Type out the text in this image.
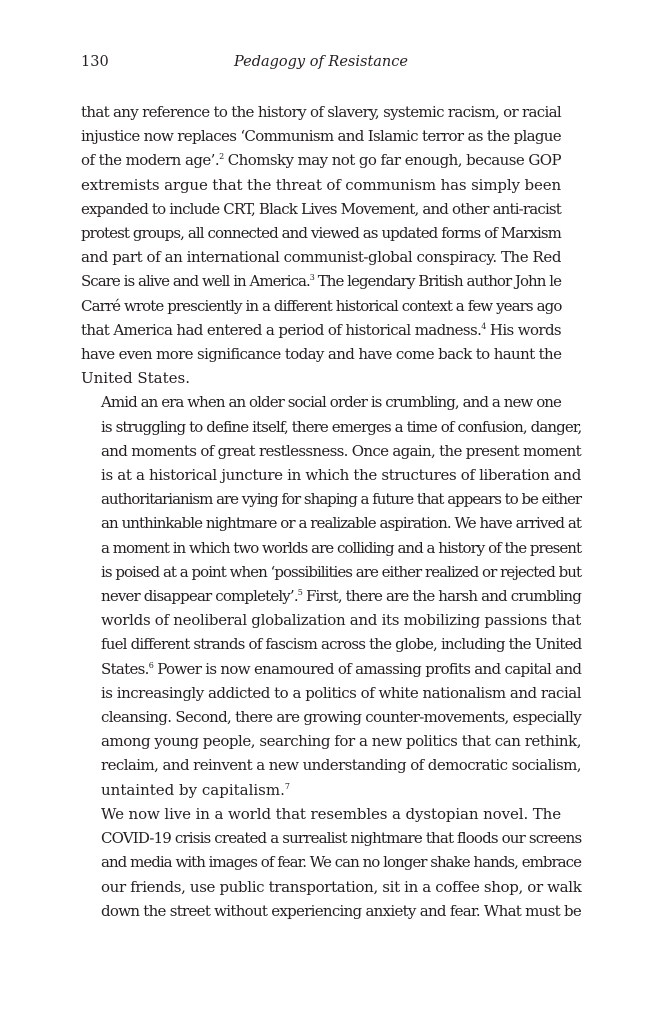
130	Pedagogy of Resistance

that any reference to the history of slavery, systemic racism, or racial
injustice now replaces ‘Communism and Islamic terror as the plague
of the modern age’.$^2$ Chomsky may not go far enough, because GOP
extremists argue that the threat of communism has simply been
expanded to include CRT, Black Lives Movement, and other anti-racist
protest groups, all connected and viewed as updated forms of Marxism
and part of an international communist-global conspiracy. The Red
Scare is alive and well in America.$^3$ The legendary British author John le
Carré wrote presciently in a different historical context a few years ago
that America had entered a period of historical madness.$^4$ His words
have even more significance today and have come back to haunt the
United States.

Amid an era when an older social order is crumbling, and a new one
is struggling to define itself, there emerges a time of confusion, danger,
and moments of great restlessness. Once again, the present moment
is at a historical juncture in which the structures of liberation and
authoritarianism are vying for shaping a future that appears to be either
an unthinkable nightmare or a realizable aspiration. We have arrived at
a moment in which two worlds are colliding and a history of the present
is poised at a point when ‘possibilities are either realized or rejected but
never disappear completely’.$^5$ First, there are the harsh and crumbling
worlds of neoliberal globalization and its mobilizing passions that
fuel different strands of fascism across the globe, including the United
States.$^6$ Power is now enamoured of amassing profits and capital and
is increasingly addicted to a politics of white nationalism and racial
cleansing. Second, there are growing counter-movements, especially
among young people, searching for a new politics that can rethink,
reclaim, and reinvent a new understanding of democratic socialism,
untainted by capitalism.$^7$

We now live in a world that resembles a dystopian novel. The
COVID-19 crisis created a surrealist nightmare that floods our screens
and media with images of fear. We can no longer shake hands, embrace
our friends, use public transportation, sit in a coffee shop, or walk
down the street without experiencing anxiety and fear. What must be
